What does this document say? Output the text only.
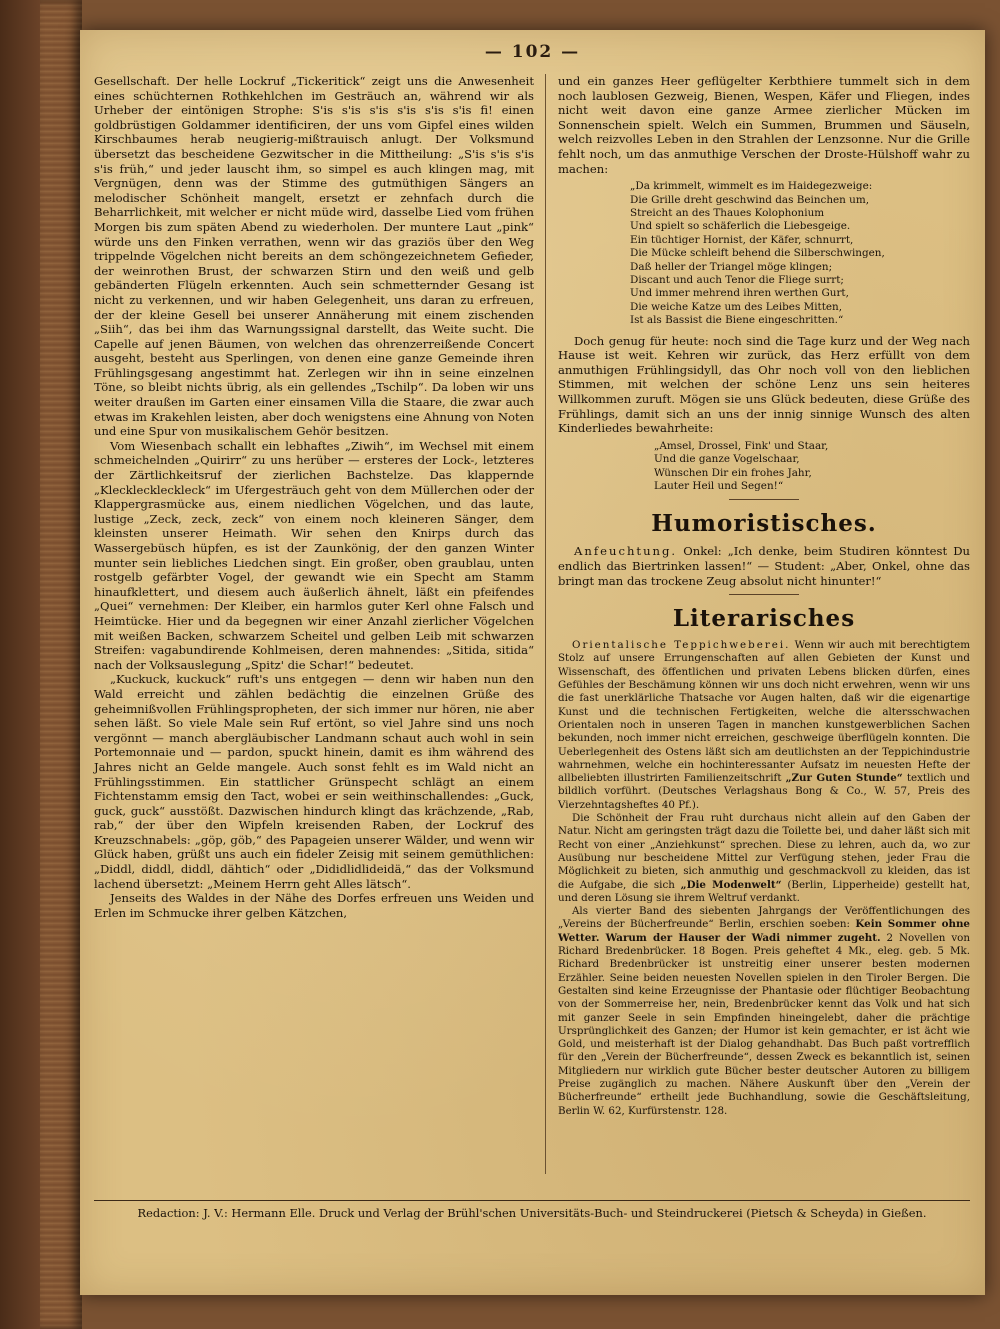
— 102 —

Gesellschaft. Der helle Lockruf „Tickeritick“ zeigt uns die Anwesenheit eines schüchternen Rothkehlchen im Gesträuch an, während wir als Urheber der eintönigen Strophe: S'is s'is s'is s'is s'is s'is fi! einen goldbrüstigen Goldammer identificiren, der uns vom Gipfel eines wilden Kirschbaumes herab neugierig-mißtrauisch anlugt. Der Volksmund übersetzt das bescheidene Gezwitscher in die Mittheilung: „S'is s'is s'is s'is früh,“ und jeder lauscht ihm, so simpel es auch klingen mag, mit Vergnügen, denn was der Stimme des gutmüthigen Sängers an melodischer Schönheit mangelt, ersetzt er zehnfach durch die Beharrlichkeit, mit welcher er nicht müde wird, dasselbe Lied vom frühen Morgen bis zum späten Abend zu wiederholen. Der muntere Laut „pink“ würde uns den Finken verrathen, wenn wir das graziös über den Weg trippelnde Vögelchen nicht bereits an dem schöngezeichnetem Gefieder, der weinrothen Brust, der schwarzen Stirn und den weiß und gelb gebänderten Flügeln erkennten. Auch sein schmetternder Gesang ist nicht zu verkennen, und wir haben Gelegenheit, uns daran zu erfreuen, der der kleine Gesell bei unserer Annäherung mit einem zischenden „Siih“, das bei ihm das Warnungssignal darstellt, das Weite sucht. Die Capelle auf jenen Bäumen, von welchen das ohrenzerreißende Concert ausgeht, besteht aus Sperlingen, von denen eine ganze Gemeinde ihren Frühlingsgesang angestimmt hat. Zerlegen wir ihn in seine einzelnen Töne, so bleibt nichts übrig, als ein gellendes „Tschilp“. Da loben wir uns weiter draußen im Garten einer einsamen Villa die Staare, die zwar auch etwas im Krakehlen leisten, aber doch wenigstens eine Ahnung von Noten und eine Spur von musikalischem Gehör besitzen.

Vom Wiesenbach schallt ein lebhaftes „Ziwih“, im Wechsel mit einem schmeichelnden „Quirirr“ zu uns herüber — ersteres der Lock-, letzteres der Zärtlichkeitsruf der zierlichen Bachstelze. Das klappernde „Kleckleckleckleck“ im Ufergesträuch geht von dem Müllerchen oder der Klappergrasmücke aus, einem niedlichen Vögelchen, und das laute, lustige „Zeck, zeck, zeck“ von einem noch kleineren Sänger, dem kleinsten unserer Heimath. Wir sehen den Knirps durch das Wassergebüsch hüpfen, es ist der Zaunkönig, der den ganzen Winter munter sein liebliches Liedchen singt. Ein großer, oben graublau, unten rostgelb gefärbter Vogel, der gewandt wie ein Specht am Stamm hinaufklettert, und diesem auch äußerlich ähnelt, läßt ein pfeifendes „Quei“ vernehmen: Der Kleiber, ein harmlos guter Kerl ohne Falsch und Heimtücke. Hier und da begegnen wir einer Anzahl zierlicher Vögelchen mit weißen Backen, schwarzem Scheitel und gelben Leib mit schwarzen Streifen: vagabundirende Kohlmeisen, deren mahnendes: „Sitida, sitida“ nach der Volksauslegung „Spitz' die Schar!“ bedeutet.

„Kuckuck, kuckuck“ ruft's uns entgegen — denn wir haben nun den Wald erreicht und zählen bedächtig die einzelnen Grüße des geheimnißvollen Frühlingspropheten, der sich immer nur hören, nie aber sehen läßt. So viele Male sein Ruf ertönt, so viel Jahre sind uns noch vergönnt — manch abergläubischer Landmann schaut auch wohl in sein Portemonnaie und — pardon, spuckt hinein, damit es ihm während des Jahres nicht an Gelde mangele. Auch sonst fehlt es im Wald nicht an Frühlingsstimmen. Ein stattlicher Grünspecht schlägt an einem Fichtenstamm emsig den Tact, wobei er sein weithinschallendes: „Guck, guck, guck“ ausstößt. Dazwischen hindurch klingt das krächzende, „Rab, rab,“ der über den Wipfeln kreisenden Raben, der Lockruf des Kreuzschnabels: „göp, göb,“ des Papageien unserer Wälder, und wenn wir Glück haben, grüßt uns auch ein fideler Zeisig mit seinem gemüthlichen: „Diddl, diddl, diddl, dähtich“ oder „Dididlidlideidä,“ das der Volksmund lachend übersetzt: „Meinem Herrn geht Alles lätsch“.

Jenseits des Waldes in der Nähe des Dorfes erfreuen uns Weiden und Erlen im Schmucke ihrer gelben Kätzchen,

und ein ganzes Heer geflügelter Kerbthiere tummelt sich in dem noch laublosen Gezweig, Bienen, Wespen, Käfer und Fliegen, indes nicht weit davon eine ganze Armee zierlicher Mücken im Sonnenschein spielt. Welch ein Summen, Brummen und Säuseln, welch reizvolles Leben in den Strahlen der Lenzsonne. Nur die Grille fehlt noch, um das anmuthige Verschen der Droste-Hülshoff wahr zu machen:

„Da krimmelt, wimmelt es im Haidegezweige:
Die Grille dreht geschwind das Beinchen um,
Streicht an des Thaues Kolophonium
Und spielt so schäferlich die Liebesgeige.
Ein tüchtiger Hornist, der Käfer, schnurrt,
Die Mücke schleift behend die Silberschwingen,
Daß heller der Triangel möge klingen;
Discant und auch Tenor die Fliege surrt;
Und immer mehrend ihren werthen Gurt,
Die weiche Katze um des Leibes Mitten,
Ist als Bassist die Biene eingeschritten.“

Doch genug für heute: noch sind die Tage kurz und der Weg nach Hause ist weit. Kehren wir zurück, das Herz erfüllt von dem anmuthigen Frühlingsidyll, das Ohr noch voll von den lieblichen Stimmen, mit welchen der schöne Lenz uns sein heiteres Willkommen zuruft. Mögen sie uns Glück bedeuten, diese Grüße des Frühlings, damit sich an uns der innig sinnige Wunsch des alten Kinderliedes bewahrheite:

„Amsel, Drossel, Fink' und Staar,
Und die ganze Vogelschaar,
Wünschen Dir ein frohes Jahr,
Lauter Heil und Segen!“
Humoristisches.

Anfeuchtung. Onkel: „Ich denke, beim Studiren könntest Du endlich das Biertrinken lassen!“ — Student: „Aber, Onkel, ohne das bringt man das trockene Zeug absolut nicht hinunter!“

Literarisches

Orientalische Teppichweberei. Wenn wir auch mit berechtigtem Stolz auf unsere Errungenschaften auf allen Gebieten der Kunst und Wissenschaft, des öffentlichen und privaten Lebens blicken dürfen, eines Gefühles der Beschämung können wir uns doch nicht erwehren, wenn wir uns die fast unerklärliche Thatsache vor Augen halten, daß wir die eigenartige Kunst und die technischen Fertigkeiten, welche die altersschwachen Orientalen noch in unseren Tagen in manchen kunstgewerblichen Sachen bekunden, noch immer nicht erreichen, geschweige überflügeln konnten. Die Ueberlegenheit des Ostens läßt sich am deutlichsten an der Teppichindustrie wahrnehmen, welche ein hochinteressanter Aufsatz im neuesten Hefte der allbeliebten illustrirten Familienzeitschrift „Zur Guten Stunde“ textlich und bildlich vorführt. (Deutsches Verlagshaus Bong & Co., W. 57, Preis des Vierzehntagsheftes 40 Pf.).

Die Schönheit der Frau ruht durchaus nicht allein auf den Gaben der Natur. Nicht am geringsten trägt dazu die Toilette bei, und daher läßt sich mit Recht von einer „Anziehkunst“ sprechen. Diese zu lehren, auch da, wo zur Ausübung nur bescheidene Mittel zur Verfügung stehen, jeder Frau die Möglichkeit zu bieten, sich anmuthig und geschmackvoll zu kleiden, das ist die Aufgabe, die sich „Die Modenwelt“ (Berlin, Lipperheide) gestellt hat, und deren Lösung sie ihrem Weltruf verdankt.

Als vierter Band des siebenten Jahrgangs der Veröffentlichungen des „Vereins der Bücherfreunde“ Berlin, erschien soeben: Kein Sommer ohne Wetter. Warum der Hauser der Wadi nimmer zugeht. 2 Novellen von Richard Bredenbrücker. 18 Bogen. Preis geheftet 4 Mk., eleg. geb. 5 Mk. Richard Bredenbrücker ist unstreitig einer unserer besten modernen Erzähler. Seine beiden neuesten Novellen spielen in den Tiroler Bergen. Die Gestalten sind keine Erzeugnisse der Phantasie oder flüchtiger Beobachtung von der Sommerreise her, nein, Bredenbrücker kennt das Volk und hat sich mit ganzer Seele in sein Empfinden hineingelebt, daher die prächtige Ursprünglichkeit des Ganzen; der Humor ist kein gemachter, er ist ächt wie Gold, und meisterhaft ist der Dialog gehandhabt. Das Buch paßt vortrefflich für den „Verein der Bücherfreunde“, dessen Zweck es bekanntlich ist, seinen Mitgliedern nur wirklich gute Bücher bester deutscher Autoren zu billigem Preise zugänglich zu machen. Nähere Auskunft über den „Verein der Bücherfreunde“ ertheilt jede Buchhandlung, sowie die Geschäftsleitung, Berlin W. 62, Kurfürstenstr. 128.

Redaction: J. V.: Hermann Elle. Druck und Verlag der Brühl'schen Universitäts-Buch- und Steindruckerei (Pietsch & Scheyda) in Gießen.
